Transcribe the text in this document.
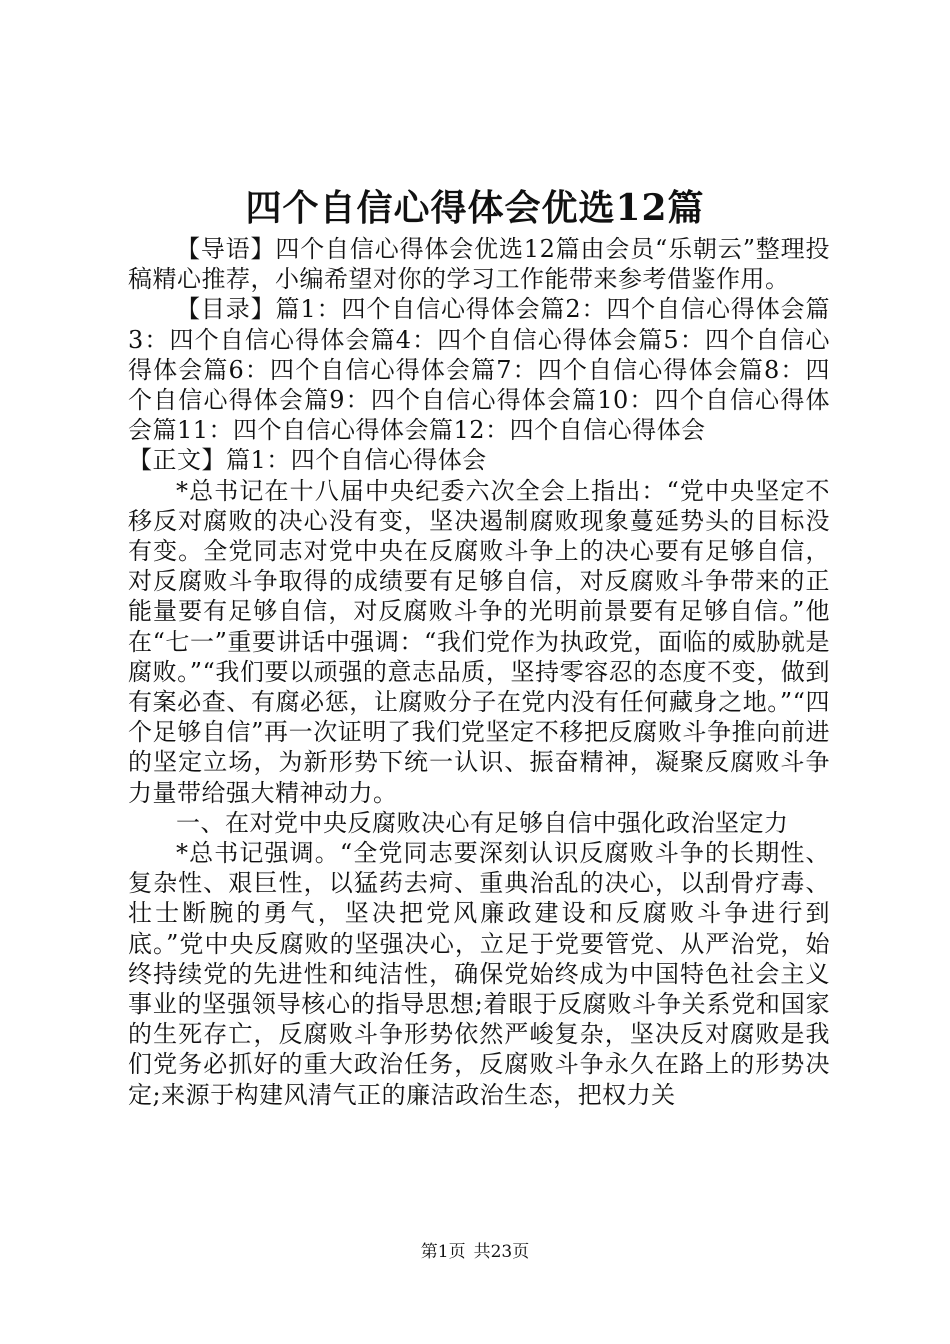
四个自信心得体会优选12篇

【导语】四个自信心得体会优选12篇由会员“乐朝云”整理投稿精心推荐，小编希望对你的学习工作能带来参考借鉴作用。

【目录】篇1：四个自信心得体会篇2：四个自信心得体会篇3：四个自信心得体会篇4：四个自信心得体会篇5：四个自信心得体会篇6：四个自信心得体会篇7：四个自信心得体会篇8：四个自信心得体会篇9：四个自信心得体会篇10：四个自信心得体会篇11：四个自信心得体会篇12：四个自信心得体会

【正文】篇1：四个自信心得体会

*总书记在十八届中央纪委六次全会上指出：“党中央坚定不移反对腐败的决心没有变，坚决遏制腐败现象蔓延势头的目标没有变。全党同志对党中央在反腐败斗争上的决心要有足够自信，对反腐败斗争取得的成绩要有足够自信，对反腐败斗争带来的正能量要有足够自信，对反腐败斗争的光明前景要有足够自信。”他在“七一”重要讲话中强调：“我们党作为执政党，面临的威胁就是腐败。”“我们要以顽强的意志品质，坚持零容忍的态度不变，做到有案必查、有腐必惩，让腐败分子在党内没有任何藏身之地。”“四个足够自信”再一次证明了我们党坚定不移把反腐败斗争推向前进的坚定立场，为新形势下统一认识、振奋精神，凝聚反腐败斗争力量带给强大精神动力。

一、在对党中央反腐败决心有足够自信中强化政治坚定力

*总书记强调。“全党同志要深刻认识反腐败斗争的长期性、复杂性、艰巨性，以猛药去疴、重典治乱的决心，以刮骨疗毒、壮士断腕的勇气，坚决把党风廉政建设和反腐败斗争进行到底。”党中央反腐败的坚强决心，立足于党要管党、从严治党，始终持续党的先进性和纯洁性，确保党始终成为中国特色社会主义事业的坚强领导核心的指导思想;着眼于反腐败斗争关系党和国家的生死存亡，反腐败斗争形势依然严峻复杂，坚决反对腐败是我们党务必抓好的重大政治任务，反腐败斗争永久在路上的形势决定;来源于构建风清气正的廉洁政治生态，把权力关

第1页 共23页
